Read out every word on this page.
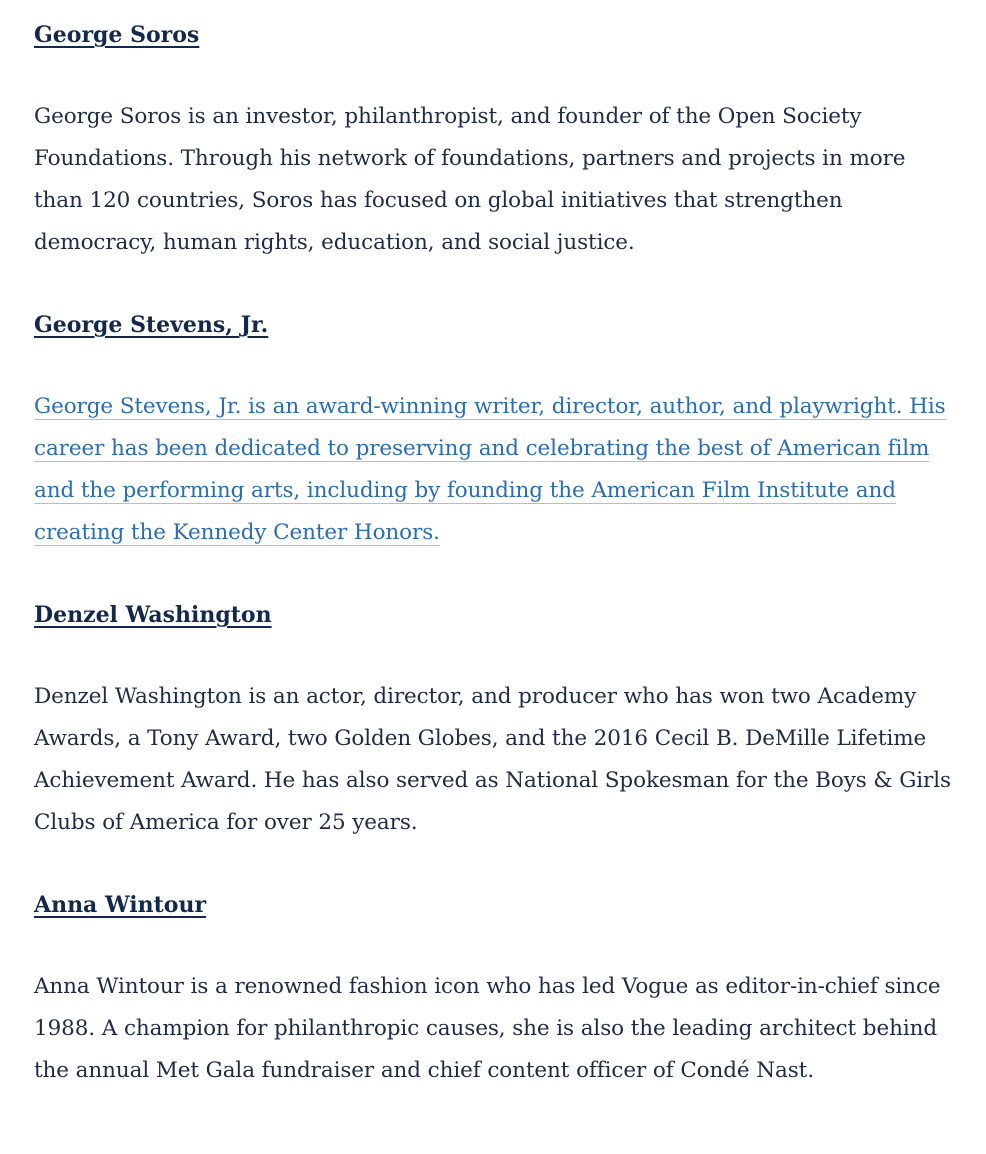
George Soros

George Soros is an investor, philanthropist, and founder of the Open Society Foundations. Through his network of foundations, partners and projects in more than 120 countries, Soros has focused on global initiatives that strengthen democracy, human rights, education, and social justice.

George Stevens, Jr.

George Stevens, Jr. is an award-winning writer, director, author, and playwright. His career has been dedicated to preserving and celebrating the best of American film and the performing arts, including by founding the American Film Institute and creating the Kennedy Center Honors.

Denzel Washington

Denzel Washington is an actor, director, and producer who has won two Academy Awards, a Tony Award, two Golden Globes, and the 2016 Cecil B. DeMille Lifetime Achievement Award. He has also served as National Spokesman for the Boys & Girls Clubs of America for over 25 years.

Anna Wintour

Anna Wintour is a renowned fashion icon who has led Vogue as editor-in-chief since 1988. A champion for philanthropic causes, she is also the leading architect behind the annual Met Gala fundraiser and chief content officer of Condé Nast.
